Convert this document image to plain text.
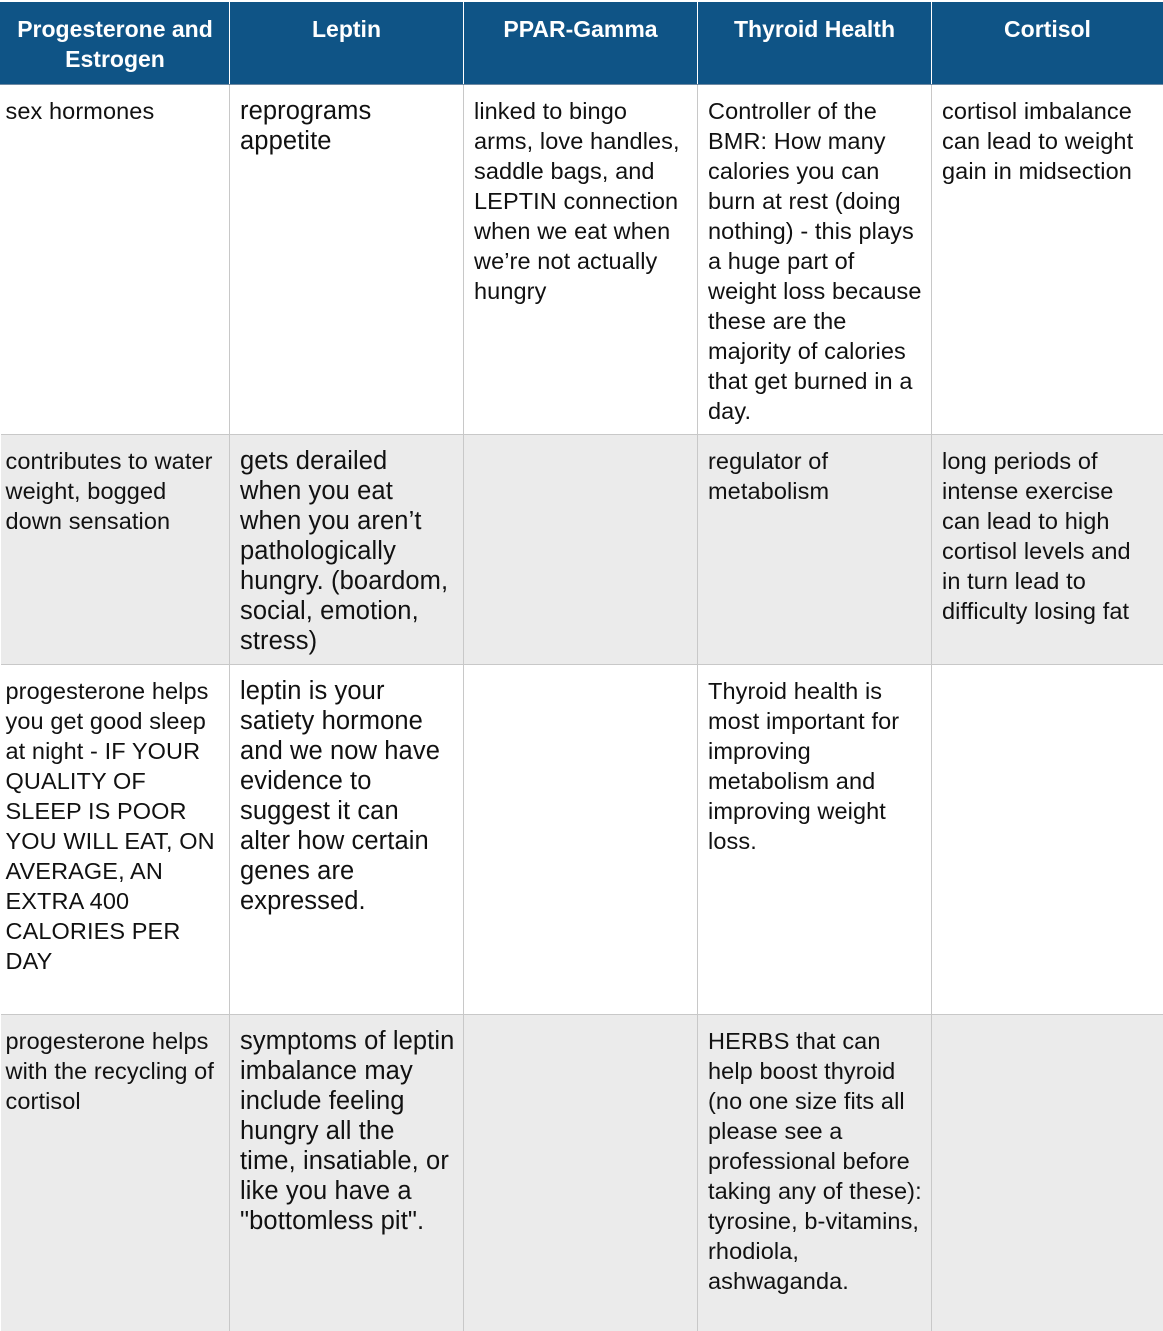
Progesterone and Estrogen	Leptin	PPAR-Gamma	Thyroid Health	Cortisol
sex hormones	reprograms appetite	linked to bingo arms, love handles, saddle bags, and LEPTIN connection when we eat when we’re not actually hungry	Controller of the BMR: How many calories you can burn at rest (doing nothing) - this plays a huge part of weight loss because these are the majority of calories that get burned in a day.	cortisol imbalance can lead to weight gain in midsection
contributes to water weight, bogged down sensation	gets derailed when you eat when you aren’t pathologically hungry. (boardom, social, emotion, stress)		regulator of metabolism	long periods of intense exercise can lead to high cortisol levels and in turn lead to difficulty losing fat
progesterone helps you get good sleep at night - IF YOUR QUALITY OF SLEEP IS POOR YOU WILL EAT, ON AVERAGE, AN EXTRA 400 CALORIES PER DAY	leptin is your satiety hormone and we now have evidence to suggest it can alter how certain genes are expressed.		Thyroid health is most important for improving metabolism and improving weight loss.	
progesterone helps with the recycling of cortisol	symptoms of leptin imbalance may include feeling hungry all the time, insatiable, or like you have a "bottomless pit".		HERBS that can help boost thyroid (no one size fits all please see a professional before taking any of these): tyrosine, b-vitamins, rhodiola, ashwaganda.	
